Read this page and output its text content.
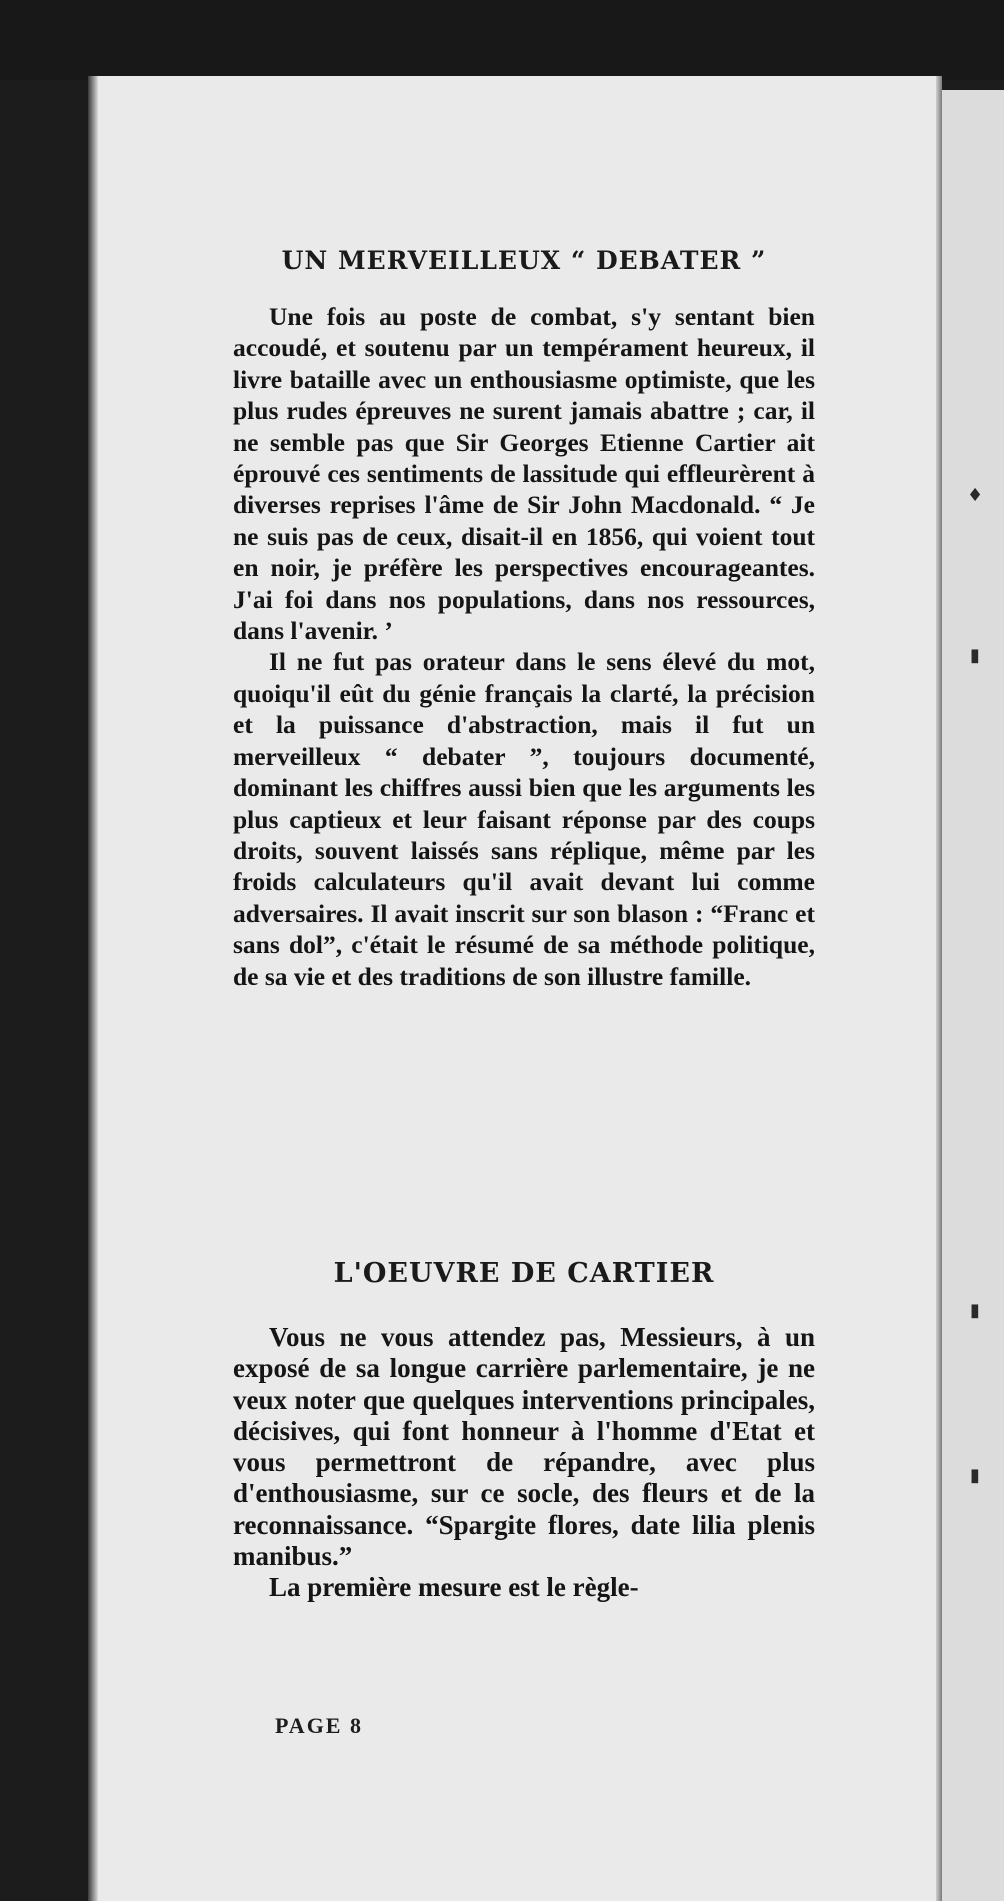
♦
▮
▮
▮
UN MERVEILLEUX “ DEBATER ”

Une fois au poste de combat, s'y sentant bien accoudé, et soutenu par un tempérament heureux, il livre bataille avec un enthousiasme optimiste, que les plus rudes épreuves ne surent jamais abattre ; car, il ne semble pas que Sir Georges Etienne Cartier ait éprouvé ces sentiments de lassitude qui effleurèrent à diverses reprises l'âme de Sir John Macdonald. “ Je ne suis pas de ceux, disait-il en 1856, qui voient tout en noir, je préfère les perspectives encourageantes. J'ai foi dans nos populations, dans nos ressources, dans l'avenir. ’

Il ne fut pas orateur dans le sens élevé du mot, quoiqu'il eût du génie français la clarté, la précision et la puissance d'abstraction, mais il fut un merveilleux “ debater ”, toujours documenté, dominant les chiffres aussi bien que les arguments les plus captieux et leur faisant réponse par des coups droits, souvent laissés sans réplique, même par les froids calculateurs qu'il avait devant lui comme adversaires. Il avait inscrit sur son blason : “Franc et sans dol”, c'était le résumé de sa méthode politique, de sa vie et des traditions de son illustre famille.

L'OEUVRE DE CARTIER

Vous ne vous attendez pas, Messieurs, à un exposé de sa longue carrière parlementaire, je ne veux noter que quelques interventions principales, décisives, qui font honneur à l'homme d'Etat et vous permettront de répandre, avec plus d'enthousiasme, sur ce socle, des fleurs et de la reconnaissance. “Spargite flores, date lilia plenis manibus.”

La première mesure est le règle-

PAGE 8
